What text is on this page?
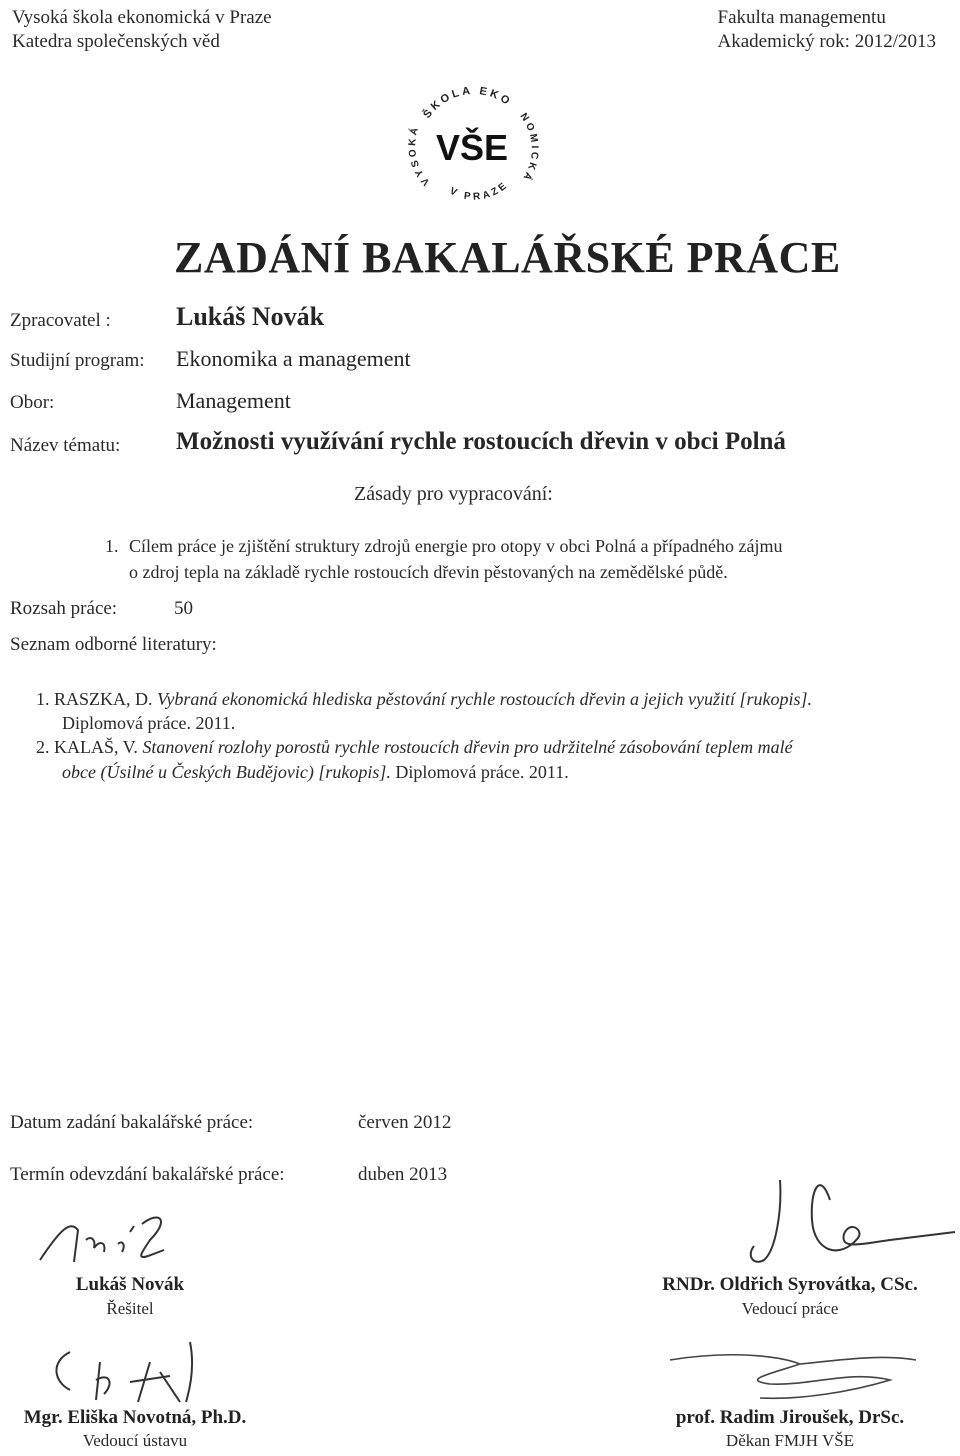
Vysoká škola ekonomická v Praze
Katedra společenských věd
Fakulta managementu
Akademický rok: 2012/2013
ŠKOLA EKO
VYSOKÁ
NOMICKÁ
V PRAZE
VŠE
ZADÁNÍ BAKALÁŘSKÉ PRÁCE
Zpracovatel :	Lukáš Novák
Studijní program: Ekonomika a management
Obor:	Management
Název tématu: Možnosti využívání rychle rostoucích dřevin v obci Polná
Zásady pro vypracování:
1. Cílem práce je zjištění struktury zdrojů energie pro otopy v obci Polná a případného zájmu
o zdroj tepla na základě rychle rostoucích dřevin pěstovaných na zemědělské půdě.
Rozsah práce:	50
Seznam odborné literatury:
1. RASZKA, D. Vybraná ekonomická hlediska pěstování rychle rostoucích dřevin a jejich využití [rukopis].
Diplomová práce. 2011.
2. KALAŠ, V. Stanovení rozlohy porostů rychle rostoucích dřevin pro udržitelné zásobování teplem malé
obce (Úsilné u Českých Budějovic) [rukopis]. Diplomová práce. 2011.
Datum zadání bakalářské práce:	červen 2012
Termín odevzdání bakalářské práce:	duben 2013
Lukáš Novák
Řešitel
RNDr. Oldřich Syrovátka, CSc.
Vedoucí práce
Mgr. Eliška Novotná, Ph.D.
Vedoucí ústavu
prof. Radim Jiroušek, DrSc.
Děkan FMJH VŠE
